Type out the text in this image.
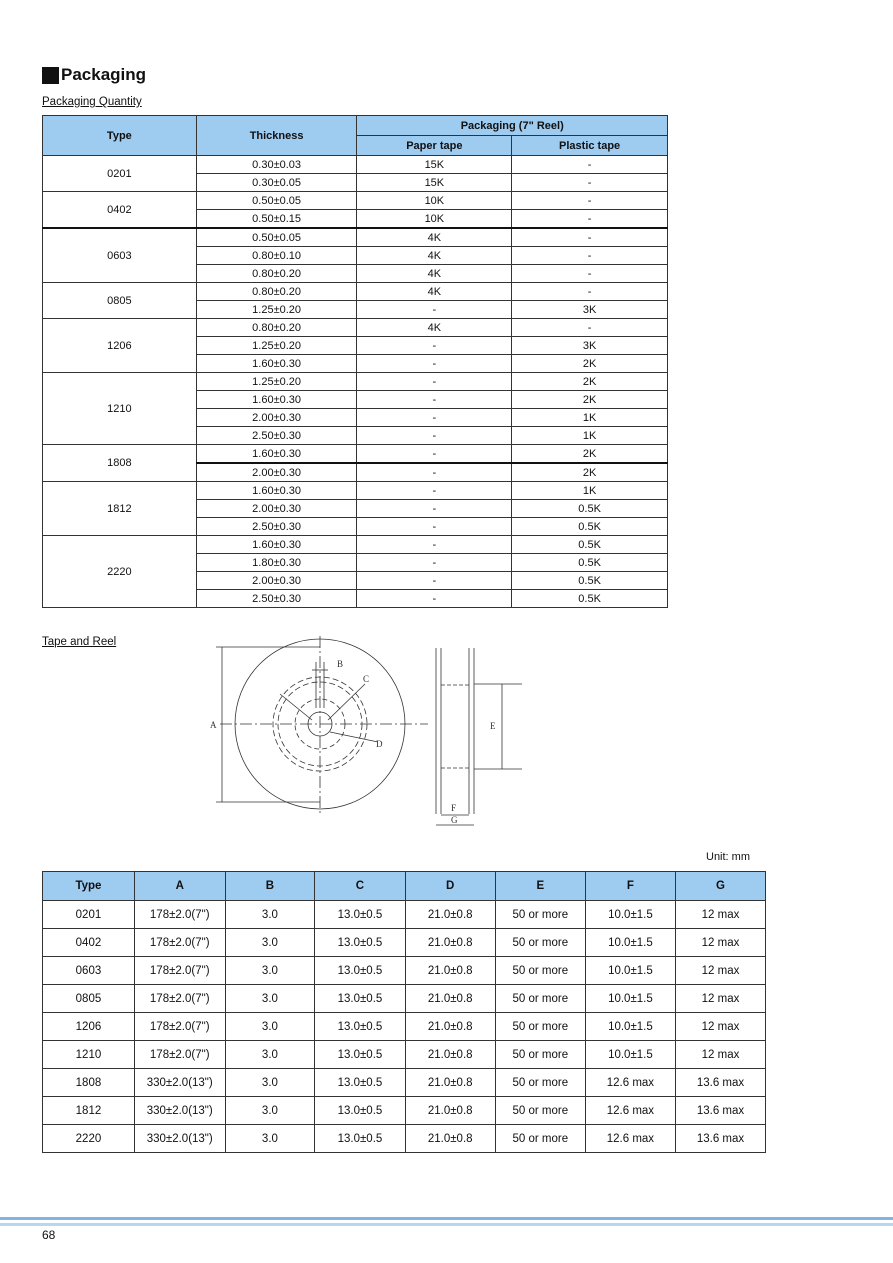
Packaging
Packaging Quantity
Type	Thickness	Packaging (7" Reel)	
		Paper tape	Plastic tape
0201	0.30±0.03	15K	-
	0.30±0.05	15K	-
0402	0.50±0.05	10K	-
	0.50±0.15	10K	-
0603	0.50±0.05	4K	-
	0.80±0.10	4K	-
	0.80±0.20	4K	-
0805	0.80±0.20	4K	-
	1.25±0.20	-	3K
1206	0.80±0.20	4K	-
	1.25±0.20	-	3K
	1.60±0.30	-	2K
1210	1.25±0.20	-	2K
	1.60±0.30	-	2K
	2.00±0.30	-	1K
	2.50±0.30	-	1K
1808	1.60±0.30	-	2K
	2.00±0.30	-	2K
1812	1.60±0.30	-	1K
	2.00±0.30	-	0.5K
	2.50±0.30	-	0.5K
2220	1.60±0.30	-	0.5K
	1.80±0.30	-	0.5K
	2.00±0.30	-	0.5K
	2.50±0.30	-	0.5K
Tape and Reel
A
B
C
D
E
F
G
Unit: mm
Type	A	B	C	D	E	F	G
0201	178±2.0(7")	3.0	13.0±0.5	21.0±0.8	50 or more	10.0±1.5	12 max
0402	178±2.0(7")	3.0	13.0±0.5	21.0±0.8	50 or more	10.0±1.5	12 max
0603	178±2.0(7")	3.0	13.0±0.5	21.0±0.8	50 or more	10.0±1.5	12 max
0805	178±2.0(7")	3.0	13.0±0.5	21.0±0.8	50 or more	10.0±1.5	12 max
1206	178±2.0(7")	3.0	13.0±0.5	21.0±0.8	50 or more	10.0±1.5	12 max
1210	178±2.0(7")	3.0	13.0±0.5	21.0±0.8	50 or more	10.0±1.5	12 max
1808	330±2.0(13")	3.0	13.0±0.5	21.0±0.8	50 or more	12.6 max	13.6 max
1812	330±2.0(13")	3.0	13.0±0.5	21.0±0.8	50 or more	12.6 max	13.6 max
2220	330±2.0(13")	3.0	13.0±0.5	21.0±0.8	50 or more	12.6 max	13.6 max
68
